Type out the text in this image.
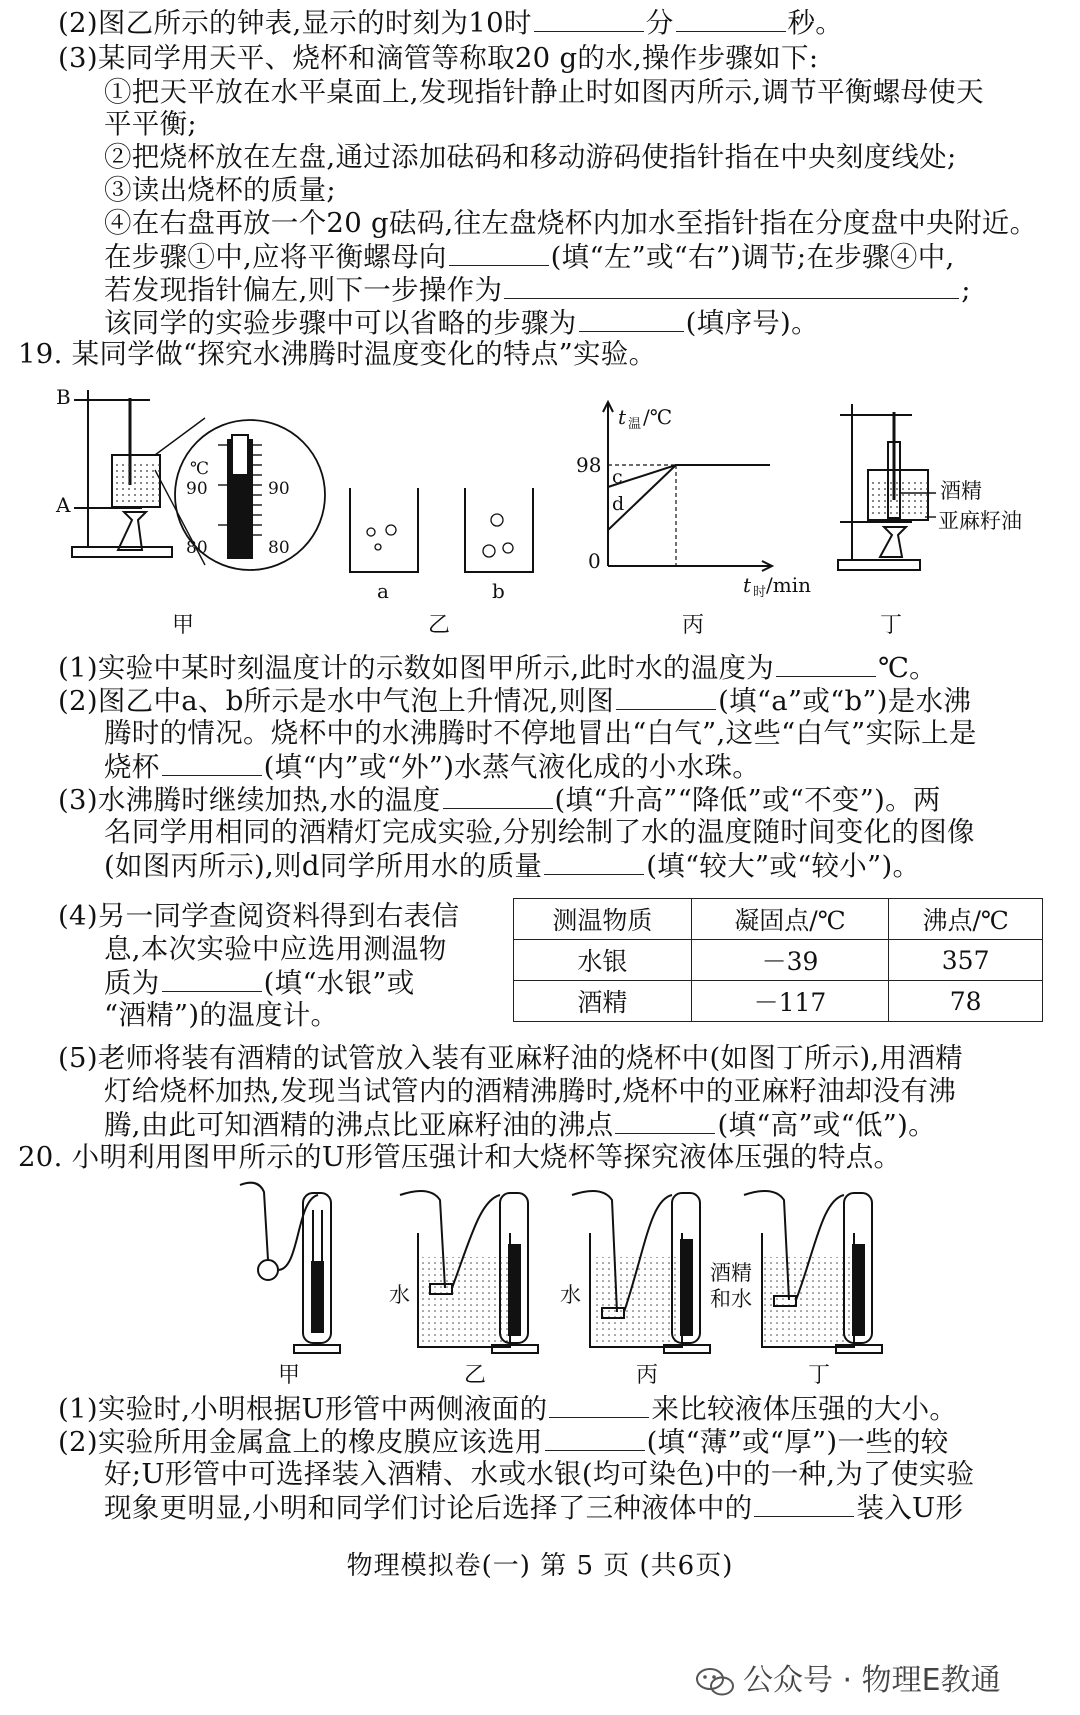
(2)图乙所示的钟表,显示的时刻为10时	分	秒。
(3)某同学用天平、烧杯和滴管等称取20 g的水,操作步骤如下:
①把天平放在水平桌面上,发现指针静止时如图丙所示,调节平衡螺母使天
平平衡;
②把烧杯放在左盘,通过添加砝码和移动游码使指针指在中央刻度线处;
③读出烧杯的质量;
④在右盘再放一个20 g砝码,往左盘烧杯内加水至指针指在分度盘中央附近。
在步骤①中,应将平衡螺母向	(填“左”或“右”)调节;在步骤④中,
若发现指针偏左,则下一步操作为	;
该同学的实验步骤中可以省略的步骤为	(填序号)。
19. 某同学做“探究水沸腾时温度变化的特点”实验。
B
A
℃
90	90
80	80
a	b
t 温 /℃
98 c
d
0
t 时 /min
酒精
亚麻籽油
甲	乙	丙	丁
(1)实验中某时刻温度计的示数如图甲所示,此时水的温度为	℃。
(2)图乙中a、b所示是水中气泡上升情况,则图	(填“a”或“b”)是水沸
腾时的情况。烧杯中的水沸腾时不停地冒出“白气”,这些“白气”实际上是
烧杯	(填“内”或“外”)水蒸气液化成的小水珠。
(3)水沸腾时继续加热,水的温度	(填“升高”“降低”或“不变”)。两
名同学用相同的酒精灯完成实验,分别绘制了水的温度随时间变化的图像
(如图丙所示),则d同学所用水的质量	(填“较大”或“较小”)。
(4)另一同学查阅资料得到右表信
息,本次实验中应选用测温物
质为	(填“水银”或
“酒精”)的温度计。
测温物质	凝固点/℃	沸点/℃
水银	－39	357
酒精	－117	78
(5)老师将装有酒精的试管放入装有亚麻籽油的烧杯中(如图丁所示),用酒精
灯给烧杯加热,发现当试管内的酒精沸腾时,烧杯中的亚麻籽油却没有沸
腾,由此可知酒精的沸点比亚麻籽油的沸点	(填“高”或“低”)。
20. 小明利用图甲所示的U形管压强计和大烧杯等探究液体压强的特点。
水	水
酒精
和水
甲	乙	丙	丁
(1)实验时,小明根据U形管中两侧液面的	来比较液体压强的大小。
(2)实验所用金属盒上的橡皮膜应该选用	(填“薄”或“厚”)一些的较
好;U形管中可选择装入酒精、水或水银(均可染色)中的一种,为了使实验
现象更明显,小明和同学们讨论后选择了三种液体中的	装入U形
物理模拟卷(一) 第 5 页 (共6页)
公众号 · 物理E教通
